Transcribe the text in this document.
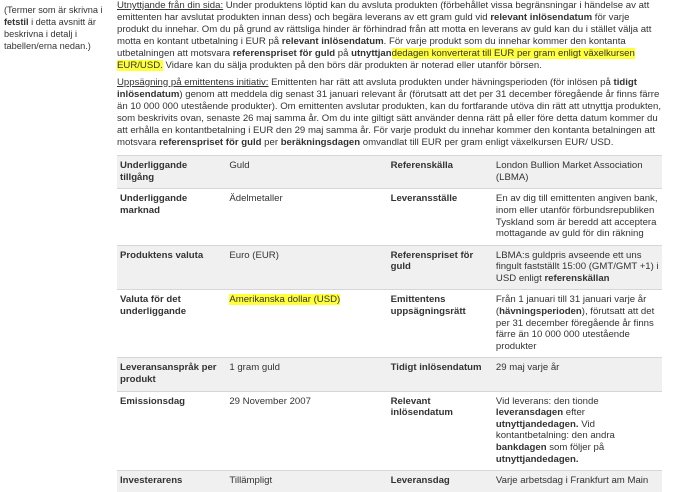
(Termer som är skrivna i fetstil i detta avsnitt är beskrivna i detalj i tabellen/erna nedan.)

Utnyttjande från din sida: Under produktens löptid kan du avsluta produkten (förbehållet vissa begränsningar i händelse av att emittenten har avslutat produkten innan dess) och begära leverans av ett gram guld vid relevant inlösendatum för varje produkt du innehar. Om du på grund av rättsliga hinder är förhindrad från att motta en leverans av guld kan du i stället välja att motta en kontant utbetalning i EUR på relevant inlösendatum. För varje produkt som du innehar kommer den kontanta utbetalningen att motsvara referenspriset för guld på utnyttjandedagen konverterat till EUR per gram enligt växelkursen EUR/USD. Vidare kan du sälja produkten på den börs där produkten är noterad eller utanför börsen.

Uppsägning på emittentens initiativ: Emittenten har rätt att avsluta produkten under hävningsperioden (för inlösen på tidigt inlösendatum) genom att meddela dig senast 31 januari relevant år (förutsatt att det per 31 december föregående år finns färre än 10 000 000 utestående produkter). Om emittenten avslutar produkten, kan du fortfarande utöva din rätt att utnyttja produkten, som beskrivits ovan, senaste 26 maj samma år. Om du inte giltigt sätt använder denna rätt på eller före detta datum kommer du att erhålla en kontantbetalning i EUR den 29 maj samma år. För varje produkt du innehar kommer den kontanta betalningen att motsvara referenspriset för guld per beräkningsdagen omvandlat till EUR per gram enligt växelkursen EUR/ USD.

Underliggande tillgång	Guld	Referenskälla	London Bullion Market Association (LBMA)
Underliggande marknad	Ädelmetaller	Leveransställe	En av dig till emittenten angiven bank, inom eller utanför förbundsrepubliken Tyskland som är beredd att acceptera mottagande av guld för din räkning
Produktens valuta	Euro (EUR)	Referenspriset för guld	LBMA:s guldpris avseende ett uns fingult fastställt 15:00 (GMT/GMT +1) i USD enligt referenskällan
Valuta för det underliggande	Amerikanska dollar (USD)	Emittentens uppsägningsrätt	Från 1 januari till 31 januari varje år (hävningsperioden), förutsatt att det per 31 december föregående år finns färre än 10 000 000 utestående produkter
Leveransanspråk per produkt	1 gram guld	Tidigt inlösendatum	29 maj varje år
Emissionsdag	29 November 2007	Relevant inlösendatum	Vid leverans: den tionde leveransdagen efter utnyttjandedagen. Vid kontantbetalning: den andra bankdagen som följer på utnyttjandedagen.
Investerarens	Tillämpligt	Leveransdag	Varje arbetsdag i Frankfurt am Main
